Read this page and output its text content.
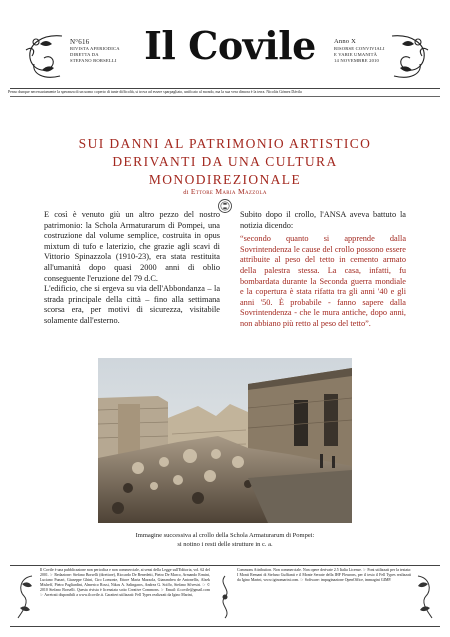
N°616
RIVISTA AFERIODICA
DIRETTA DA
STEFANO BORSELLI Il Covile	Anno X
RISORSE CONVIVIALI
E VARIE UMANITÀ
14 NOVEMBRE 2010
Penso dunque necessariamente la speranza di un uomo coperto di tante difficoltà, si trova ad essere sparpagliato, unificato al mondo, ma la sua vera dimora è la terra. Nicolás Gómez Dávila
SUI DANNI AL PATRIMONIO ARTISTICO
DERIVANTI DA UNA CULTURA
MONODIREZIONALE
di Ettore Maria Mazzola

E così è venuto giù un altro pezzo del nostro patrimonio: la Schola Armaturarum di Pompei, una costruzione dal volume semplice, costruita in opus mixtum di tufo e laterizio, che grazie agli scavi di Vittorio Spinazzola (1910-23), era stata restituita all'umanità dopo quasi 2000 anni di oblio conseguente l'eruzione del 79 d.C.

L'edificio, che si ergeva su via dell'Abbondanza – la strada principale della città – fino alla settimana scorsa era, per motivi di sicurezza, visitabile solamente dall'esterno.

Subito dopo il crollo, l'ANSA aveva battuto la notizia dicendo:

“secondo quanto si apprende dalla Sovrintendenza le cause del crollo possono essere attribuite al peso del tetto in cemento armato della palestra stessa. La casa, infatti, fu bombardata durante la Seconda guerra mondiale e la copertura è stata rifatta tra gli anni '40 e gli anni '50. È probabile - fanno sapere dalla Sovrintendenza - che le mura antiche, dopo anni, non abbiano più retto al peso del tetto”.

Immagine successiva al crollo della Schola Armaturarum di Pompei:
si notino i resti delle strutture in c. a.
Il Covile è una pubblicazione non periodica e non commerciale, ai sensi della Legge sull'Editoria, vol. 62 del 2001. ☞ Redazione: Stefano Borselli (direttore), Riccardo De Benedetti, Pietro De Marco, Armando Ermini, Luciano Funari, Giuseppe Ghini, Ciro Lomonte, Ettore Maria Mazzola, Gianandrea de Antonellis, Alzek Misheff, Pietro Pagliardini, Almerico Rossi, Nikos A. Salingaros, Andrea G. Sciffo, Stefano Silvestri. ☞ © 2010 Stefano Borselli. Questa rivista è licenziata sotto Creative Commons. ☞ Email: il.covile@gmail.com ☞ Arretrati disponibili a www.ilcovile.it. Caratteri utilizzati: Fell Types realizzati da Igino Marini,
Commons Attribution. Non commerciale. Non opere derivate 2.5 Italia License. ☞ Font utilizzati per la testata: I Monti Remani di Stefano Guffianti e il Monte Serrate della IHF Fleurons, per il testo il Fell Types realizzati da Igino Marini, www.iginomarini.com. ☞ Software: impaginazione OpenOffice, immagini GIMP.
